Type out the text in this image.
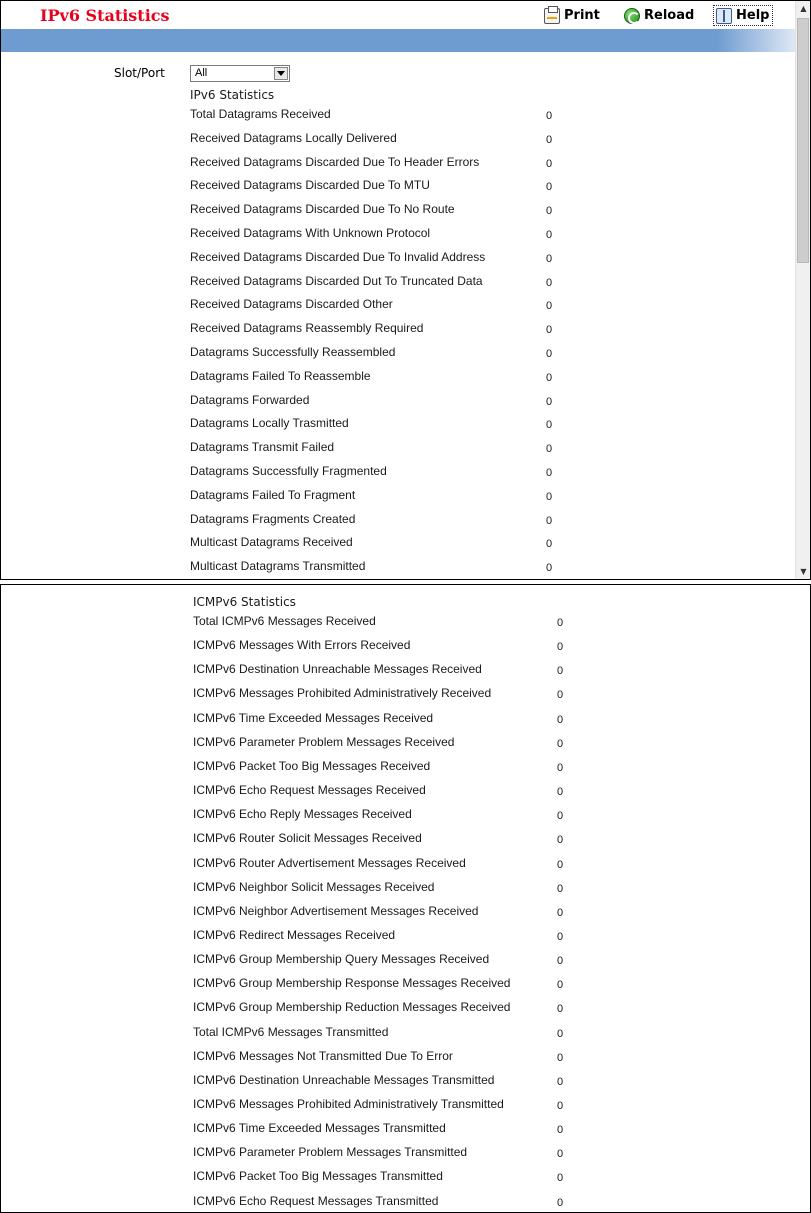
IPv6 Statistics	Print	Reload	Help
Slot/Port	All
IPv6 Statistics
Total Datagrams Received	0
Received Datagrams Locally Delivered	0
Received Datagrams Discarded Due To Header Errors	0
Received Datagrams Discarded Due To MTU	0
Received Datagrams Discarded Due To No Route	0
Received Datagrams With Unknown Protocol	0
Received Datagrams Discarded Due To Invalid Address	0
Received Datagrams Discarded Dut To Truncated Data	0
Received Datagrams Discarded Other	0
Received Datagrams Reassembly Required	0
Datagrams Successfully Reassembled	0
Datagrams Failed To Reassemble	0
Datagrams Forwarded	0
Datagrams Locally Trasmitted	0
Datagrams Transmit Failed	0
Datagrams Successfully Fragmented	0
Datagrams Failed To Fragment	0
Datagrams Fragments Created	0
Multicast Datagrams Received	0
Multicast Datagrams Transmitted	0
▲
▼
ICMPv6 Statistics
Total ICMPv6 Messages Received	0
ICMPv6 Messages With Errors Received	0
ICMPv6 Destination Unreachable Messages Received	0
ICMPv6 Messages Prohibited Administratively Received	0
ICMPv6 Time Exceeded Messages Received	0
ICMPv6 Parameter Problem Messages Received	0
ICMPv6 Packet Too Big Messages Received	0
ICMPv6 Echo Request Messages Received	0
ICMPv6 Echo Reply Messages Received	0
ICMPv6 Router Solicit Messages Received	0
ICMPv6 Router Advertisement Messages Received	0
ICMPv6 Neighbor Solicit Messages Received	0
ICMPv6 Neighbor Advertisement Messages Received	0
ICMPv6 Redirect Messages Received	0
ICMPv6 Group Membership Query Messages Received	0
ICMPv6 Group Membership Response Messages Received	0
ICMPv6 Group Membership Reduction Messages Received	0
Total ICMPv6 Messages Transmitted	0
ICMPv6 Messages Not Transmitted Due To Error	0
ICMPv6 Destination Unreachable Messages Transmitted	0
ICMPv6 Messages Prohibited Administratively Transmitted	0
ICMPv6 Time Exceeded Messages Transmitted	0
ICMPv6 Parameter Problem Messages Transmitted	0
ICMPv6 Packet Too Big Messages Transmitted	0
ICMPv6 Echo Request Messages Transmitted	0
